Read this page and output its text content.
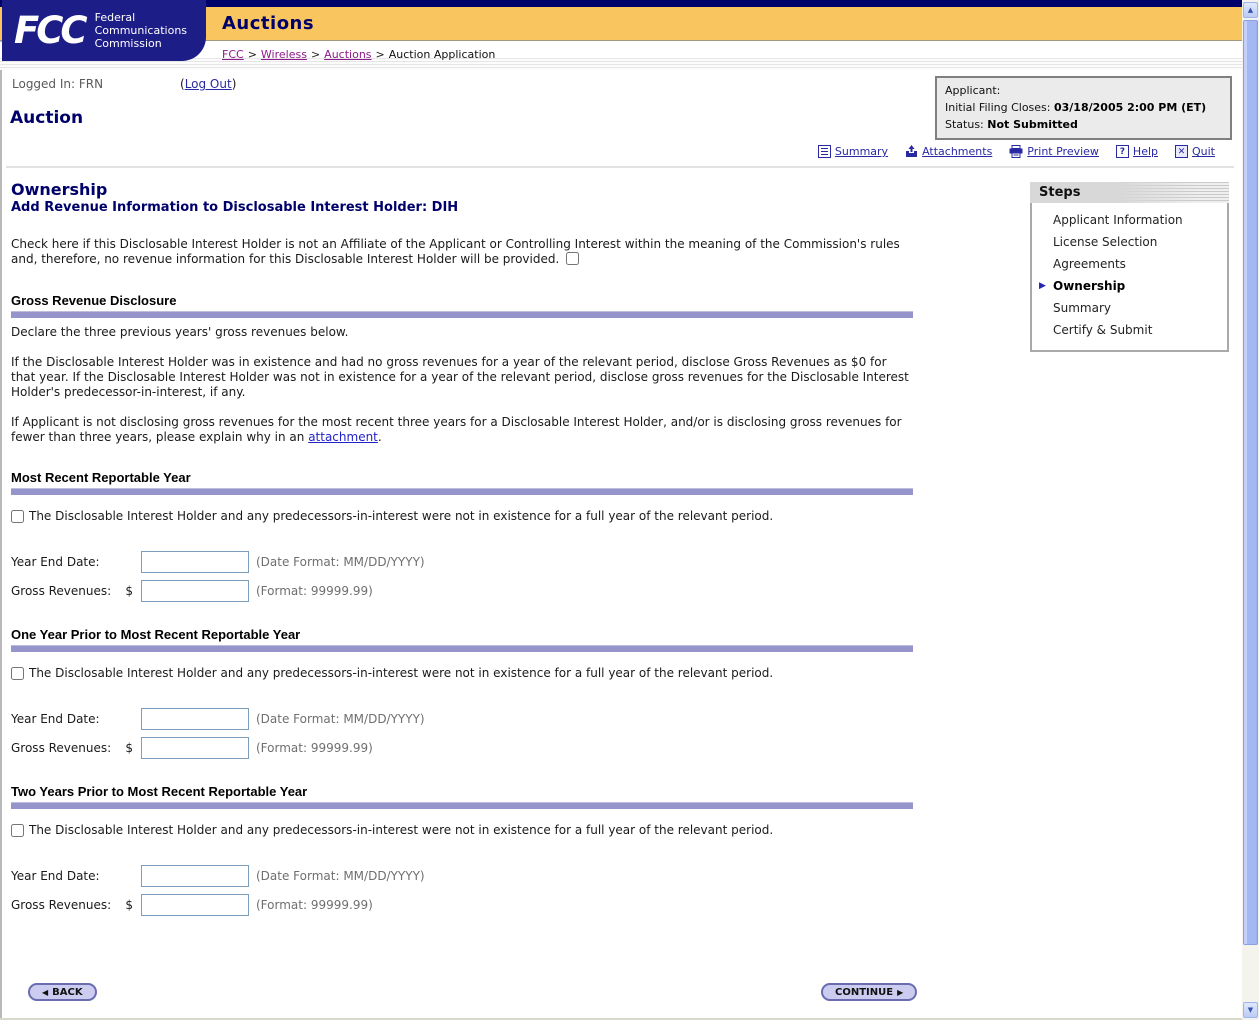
Auctions
FCC > Wireless > Auctions > Auction Application
FCC Federal
Communications
Commission
Logged In: FRN	(Log Out)	Applicant:
Initial Filing Closes: 03/18/2005 2:00 PM (ET)
Status: Not Submitted
Auction
Summary	Attachments	Print Preview	? Help	✕ Quit
Steps
Applicant Information
License Selection
Agreements
▶ Ownership
Summary
Certify & Submit
Ownership
Add Revenue Information to Disclosable Interest Holder: DIH

Check here if this Disclosable Interest Holder is not an Affiliate of the Applicant or Controlling Interest within the meaning of the Commission's rules and, therefore, no revenue information for this Disclosable Interest Holder will be provided.

Gross Revenue Disclosure

Declare the three previous years' gross revenues below.

If the Disclosable Interest Holder was in existence and had no gross revenues for a year of the relevant period, disclose Gross Revenues as $0 for that year. If the Disclosable Interest Holder was not in existence for a year of the relevant period, disclose gross revenues for the Disclosable Interest Holder's predecessor-in-interest, if any.

If Applicant is not disclosing gross revenues for the most recent three years for a Disclosable Interest Holder, and/or is disclosing gross revenues for fewer than three years, please explain why in an attachment.

Most Recent Reportable Year
The Disclosable Interest Holder and any predecessors-in-interest were not in existence for a full year of the relevant period.
Year End Date:	(Date Format: MM/DD/YYYY)
Gross Revenues:	$	(Format: 99999.99)
One Year Prior to Most Recent Reportable Year
The Disclosable Interest Holder and any predecessors-in-interest were not in existence for a full year of the relevant period.
Year End Date:	(Date Format: MM/DD/YYYY)
Gross Revenues:	$	(Format: 99999.99)
Two Years Prior to Most Recent Reportable Year
The Disclosable Interest Holder and any predecessors-in-interest were not in existence for a full year of the relevant period.
Year End Date:	(Date Format: MM/DD/YYYY)
Gross Revenues:	$	(Format: 99999.99)
◀ BACK	CONTINUE ▶
▲
▼
